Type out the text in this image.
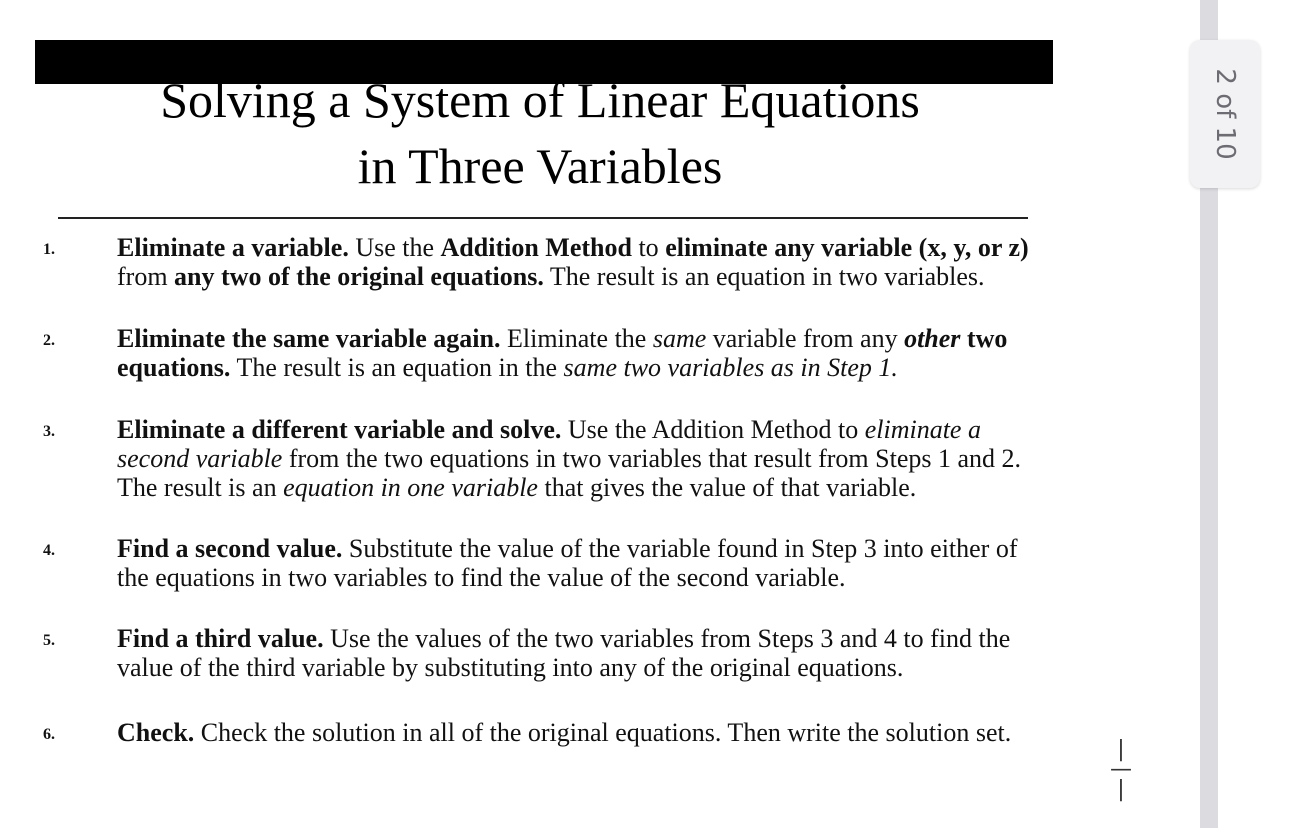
Solving a System of Linear Equations
in Three Variables
1. Eliminate a variable. Use the Addition Method to eliminate any variable (x, y, or z) from any two of the original equations. The result is an equation in two variables.
2. Eliminate the same variable again. Eliminate the same variable from any other two equations. The result is an equation in the same two variables as in Step 1.
3. Eliminate a different variable and solve. Use the Addition Method to eliminate a second variable from the two equations in two variables that result from Steps 1 and 2. The result is an equation in one variable that gives the value of that variable.
4. Find a second value. Substitute the value of the variable found in Step 3 into either of the equations in two variables to find the value of the second variable.
5. Find a third value. Use the values of the two variables from Steps 3 and 4 to find the value of the third variable by substituting into any of the original equations.
6. Check. Check the solution in all of the original equations. Then write the solution set.
|
—
|
2 of 10
